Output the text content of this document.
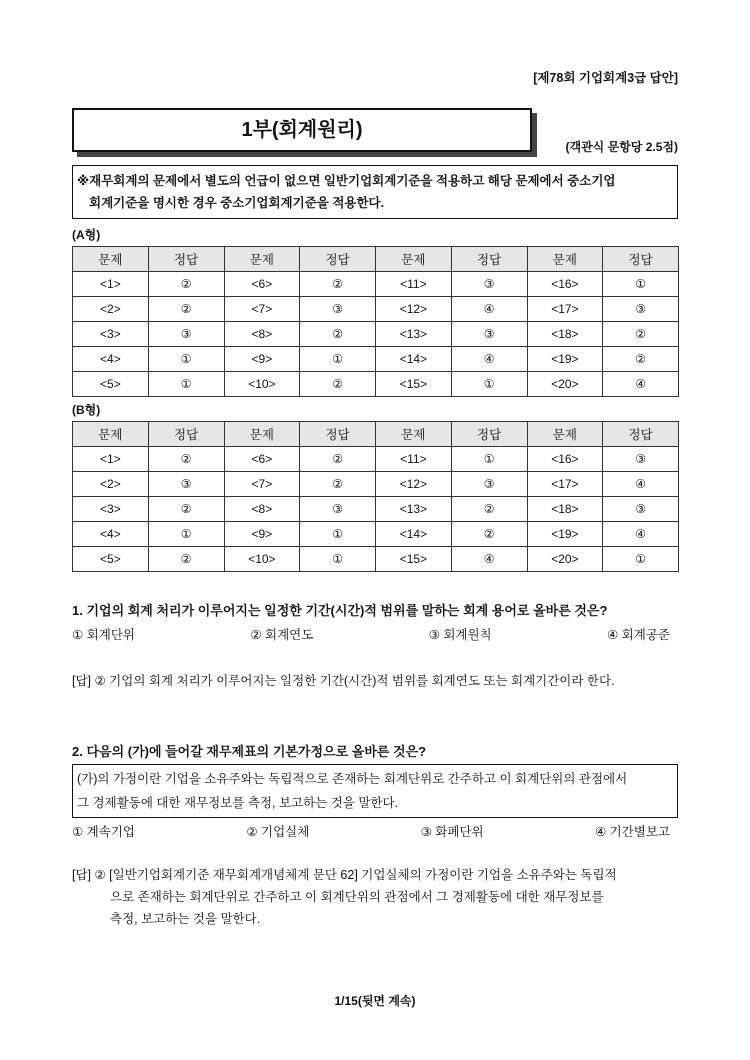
[제78회 기업회계3급 답안]
1부(회계원리)
(객관식 문항당 2.5점)
※재무회계의 문제에서 별도의 언급이 없으면 일반기업회계기준을 적용하고 해당 문제에서 중소기업
회계기준을 명시한 경우 중소기업회계기준을 적용한다.
(A형)
문제	정답	문제	정답	문제	정답	문제	정답
<1>	②	<6>	②	<11>	③	<16>	①
<2>	②	<7>	③	<12>	④	<17>	③
<3>	③	<8>	②	<13>	③	<18>	②
<4>	①	<9>	①	<14>	④	<19>	②
<5>	①	<10>	②	<15>	①	<20>	④
(B형)
문제	정답	문제	정답	문제	정답	문제	정답
<1>	②	<6>	②	<11>	①	<16>	③
<2>	③	<7>	②	<12>	③	<17>	④
<3>	②	<8>	③	<13>	②	<18>	③
<4>	①	<9>	①	<14>	②	<19>	④
<5>	②	<10>	①	<15>	④	<20>	①
1. 기업의 회계 처리가 이루어지는 일정한 기간(시간)적 범위를 말하는 회계 용어로 올바른 것은?
① 회계단위	② 회계연도	③ 회계원칙	④ 회계공준
[답] ② 기업의 회계 처리가 이루어지는 일정한 기간(시간)적 범위를 회계연도 또는 회계기간이라 한다.
2. 다음의 (가)에 들어갈 재무제표의 기본가정으로 올바른 것은?
(가)의 가정이란 기업을 소유주와는 독립적으로 존재하는 회계단위로 간주하고 이 회계단위의 관점에서
그 경제활동에 대한 재무정보를 측정, 보고하는 것을 말한다.
① 계속기업	② 기업실체	③ 화폐단위	④ 기간별보고
[답] ② [일반기업회계기준 재무회계개념체계 문단 62] 기업실체의 가정이란 기업을 소유주와는 독립적
으로 존재하는 회계단위로 간주하고 이 회계단위의 관점에서 그 경제활동에 대한 재무정보를
측정, 보고하는 것을 말한다.
1/15(뒷면 계속)
